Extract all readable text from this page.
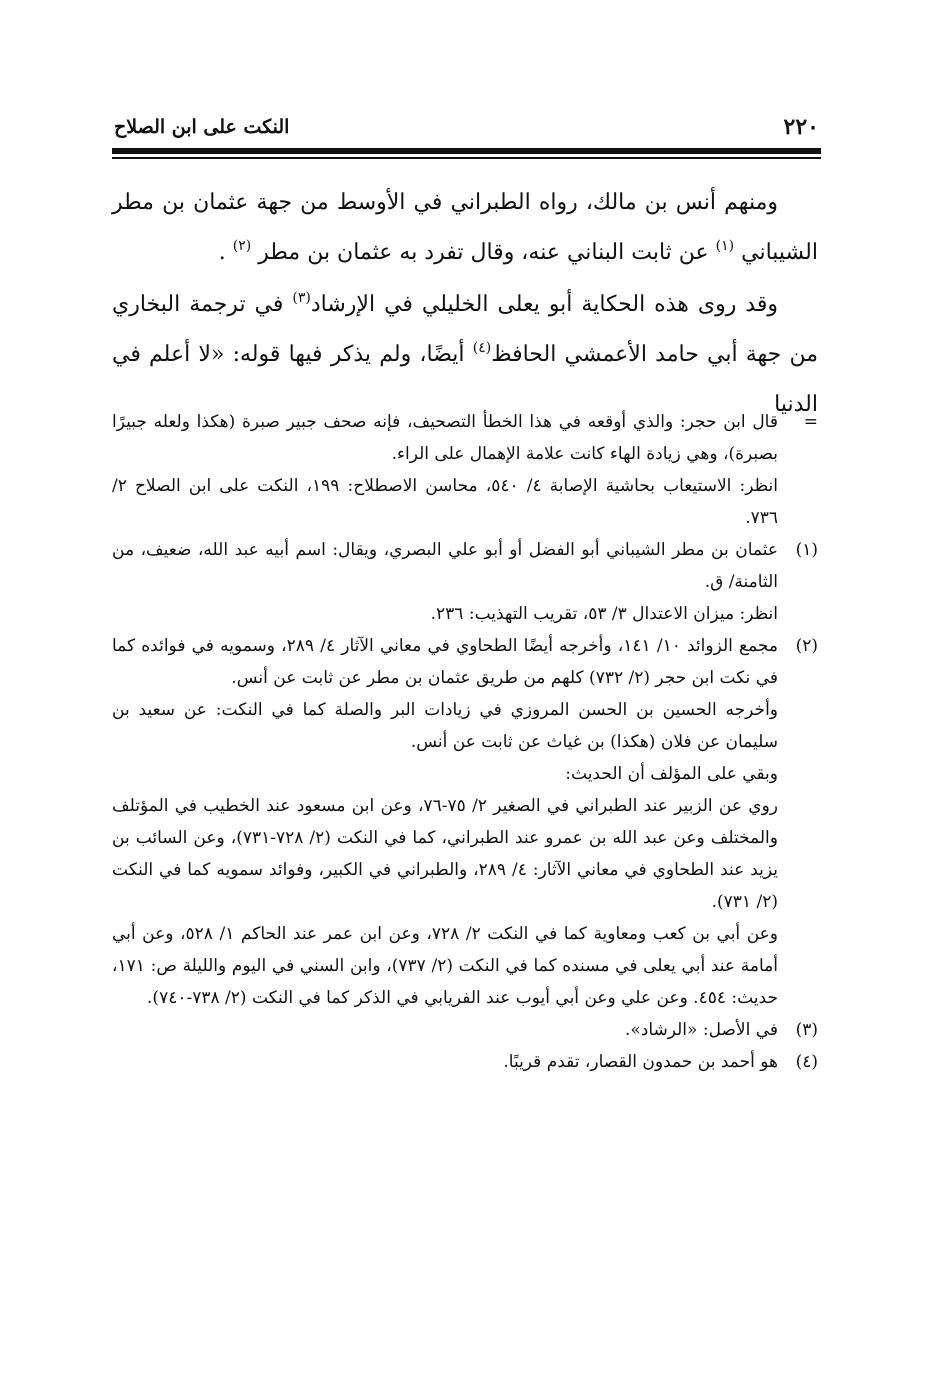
٢٢٠
النكت على ابن الصلاح

ومنهم أنس بن مالك، رواه الطبراني في الأوسط من جهة عثمان بن مطر الشيباني $^{(١)}$ عن ثابت البناني عنه، وقال تفرد به عثمان بن مطر $^{(٢)}$ .

وقد روى هذه الحكاية أبو يعلى الخليلي في الإرشاد$^{(٣)}$ في ترجمة البخاري من جهة أبي حامد الأعمشي الحافظ$^{(٤)}$ أيضًا، ولم يذكر فيها قوله: «لا أعلم في الدنيا

=
قال ابن حجر: والذي أوقعه في هذا الخطأ التصحيف، فإنه صحف جبير صبرة (هكذا ولعله جبيرًا بصبرة)، وهي زيادة الهاء كانت علامة الإهمال على الراء.
انظر: الاستيعاب بحاشية الإصابة ٤/ ٥٤٠، محاسن الاصطلاح: ١٩٩، النكت على ابن الصلاح ٢/ ٧٣٦.
(١)
عثمان بن مطر الشيباني أبو الفضل أو أبو علي البصري، ويقال: اسم أبيه عبد الله، ضعيف، من الثامنة/ ق.
انظر: ميزان الاعتدال ٣/ ٥٣، تقريب التهذيب: ٢٣٦.
(٢)
مجمع الزوائد ١٠/ ١٤١، وأخرجه أيضًا الطحاوي في معاني الآثار ٤/ ٢٨٩، وسمويه في فوائده كما في نكت ابن حجر (٢/ ٧٣٢) كلهم من طريق عثمان بن مطر عن ثابت عن أنس.
وأخرجه الحسين بن الحسن المروزي في زيادات البر والصلة كما في النكت: عن سعيد بن سليمان عن فلان (هكذا) بن غياث عن ثابت عن أنس.
وبقي على المؤلف أن الحديث:
روي عن الزبير عند الطبراني في الصغير ٢/ ٧٥-٧٦، وعن ابن مسعود عند الخطيب في المؤتلف والمختلف وعن عبد الله بن عمرو عند الطبراني، كما في النكت (٢/ ٧٢٨-٧٣١)، وعن السائب بن يزيد عند الطحاوي في معاني الآثار: ٤/ ٢٨٩، والطبراني في الكبير، وفوائد سمويه كما في النكت (٢/ ٧٣١).
وعن أبي بن كعب ومعاوية كما في النكت ٢/ ٧٢٨، وعن ابن عمر عند الحاكم ١/ ٥٢٨، وعن أبي أمامة عند أبي يعلى في مسنده كما في النكت (٢/ ٧٣٧)، وابن السني في اليوم والليلة ص: ١٧١، حديث: ٤٥٤. وعن علي وعن أبي أيوب عند الفريابي في الذكر كما في النكت (٢/ ٧٣٨-٧٤٠).
(٣)
في الأصل: «الرشاد».
(٤)
هو أحمد بن حمدون القصار، تقدم قريبًا.
